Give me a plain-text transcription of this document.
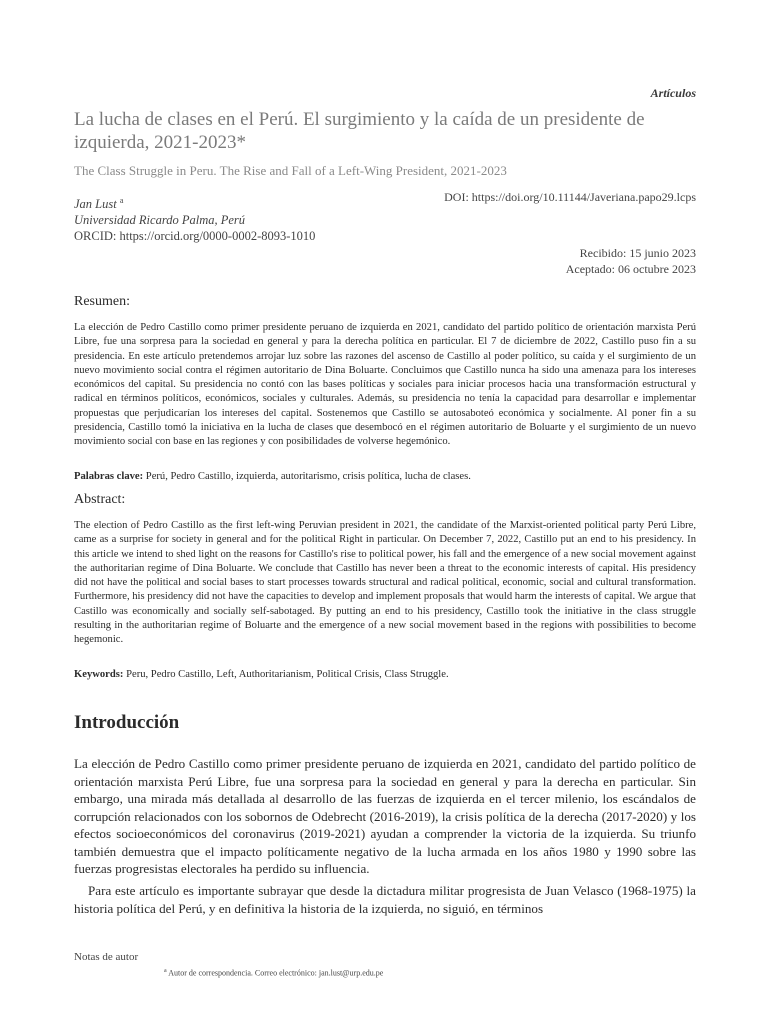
Artículos
La lucha de clases en el Perú. El surgimiento y la caída de un presidente de izquierda, 2021-2023*
The Class Struggle in Peru. The Rise and Fall of a Left-Wing President, 2021-2023
Jan Lust $^a$
Universidad Ricardo Palma, Perú
ORCID: https://orcid.org/0000-0002-8093-1010
DOI: https://doi.org/10.11144/Javeriana.papo29.lcps
Recibido: 15 junio 2023
Aceptado: 06 octubre 2023
Resumen:
La elección de Pedro Castillo como primer presidente peruano de izquierda en 2021, candidato del partido político de orientación marxista Perú Libre, fue una sorpresa para la sociedad en general y para la derecha política en particular. El 7 de diciembre de 2022, Castillo puso fin a su presidencia. En este artículo pretendemos arrojar luz sobre las razones del ascenso de Castillo al poder político, su caída y el surgimiento de un nuevo movimiento social contra el régimen autoritario de Dina Boluarte. Concluimos que Castillo nunca ha sido una amenaza para los intereses económicos del capital. Su presidencia no contó con las bases políticas y sociales para iniciar procesos hacia una transformación estructural y radical en términos políticos, económicos, sociales y culturales. Además, su presidencia no tenía la capacidad para desarrollar e implementar propuestas que perjudicarían los intereses del capital. Sostenemos que Castillo se autosaboteó económica y socialmente. Al poner fin a su presidencia, Castillo tomó la iniciativa en la lucha de clases que desembocó en el régimen autoritario de Boluarte y el surgimiento de un nuevo movimiento social con base en las regiones y con posibilidades de volverse hegemónico.
Palabras clave: Perú, Pedro Castillo, izquierda, autoritarismo, crisis política, lucha de clases.
Abstract:
The election of Pedro Castillo as the first left-wing Peruvian president in 2021, the candidate of the Marxist-oriented political party Perú Libre, came as a surprise for society in general and for the political Right in particular. On December 7, 2022, Castillo put an end to his presidency. In this article we intend to shed light on the reasons for Castillo's rise to political power, his fall and the emergence of a new social movement against the authoritarian regime of Dina Boluarte. We conclude that Castillo has never been a threat to the economic interests of capital. His presidency did not have the political and social bases to start processes towards structural and radical political, economic, social and cultural transformation. Furthermore, his presidency did not have the capacities to develop and implement proposals that would harm the interests of capital. We argue that Castillo was economically and socially self-sabotaged. By putting an end to his presidency, Castillo took the initiative in the class struggle resulting in the authoritarian regime of Boluarte and the emergence of a new social movement based in the regions with possibilities to become hegemonic.
Keywords: Peru, Pedro Castillo, Left, Authoritarianism, Political Crisis, Class Struggle.
Introducción
La elección de Pedro Castillo como primer presidente peruano de izquierda en 2021, candidato del partido político de orientación marxista Perú Libre, fue una sorpresa para la sociedad en general y para la derecha en particular. Sin embargo, una mirada más detallada al desarrollo de las fuerzas de izquierda en el tercer milenio, los escándalos de corrupción relacionados con los sobornos de Odebrecht (2016-2019), la crisis política de la derecha (2017-2020) y los efectos socioeconómicos del coronavirus (2019-2021) ayudan a comprender la victoria de la izquierda. Su triunfo también demuestra que el impacto políticamente negativo de la lucha armada en los años 1980 y 1990 sobre las fuerzas progresistas electorales ha perdido su influencia.
Para este artículo es importante subrayar que desde la dictadura militar progresista de Juan Velasco (1968-1975) la historia política del Perú, y en definitiva la historia de la izquierda, no siguió, en términos
Notas de autor
$^a$ Autor de correspondencia. Correo electrónico: jan.lust@urp.edu.pe
